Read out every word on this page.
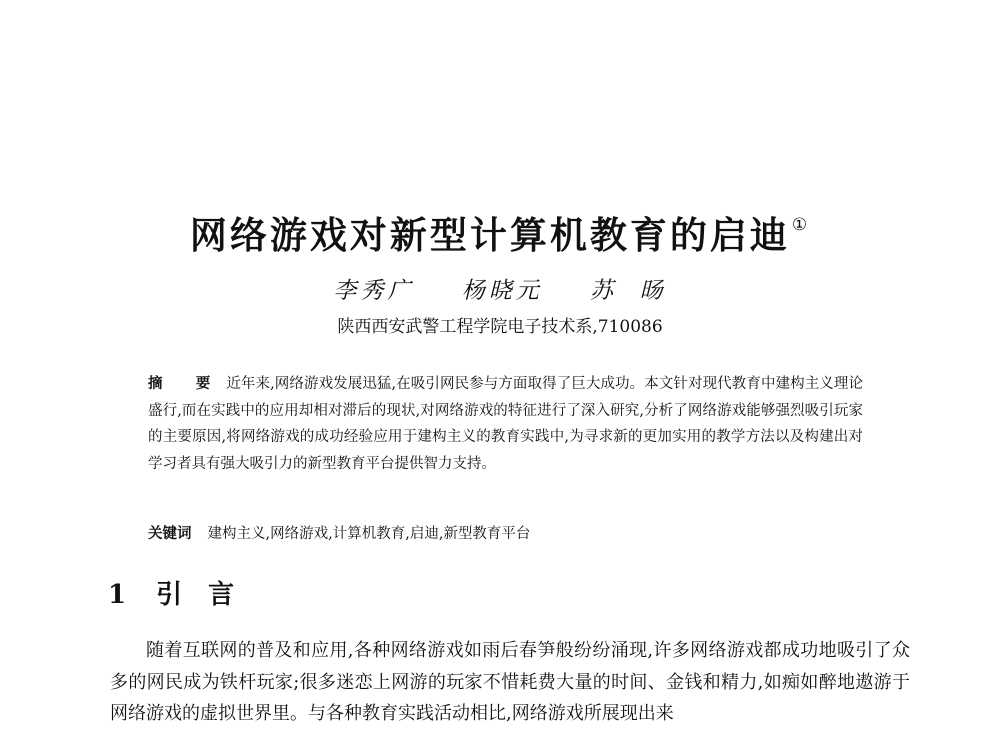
网络游戏对新型计算机教育的启迪 ①
李秀广 杨晓元 苏  旸
陕西西安武警工程学院电子技术系,710086
摘 要 近年来,网络游戏发展迅猛,在吸引网民参与方面取得了巨大成功。本文针对现代教育中建构主义理论盛行,而在实践中的应用却相对滞后的现状,对网络游戏的特征进行了深入研究,分析了网络游戏能够强烈吸引玩家的主要原因,将网络游戏的成功经验应用于建构主义的教育实践中,为寻求新的更加实用的教学方法以及构建出对学习者具有强大吸引力的新型教育平台提供智力支持。
关键词 建构主义,网络游戏,计算机教育,启迪,新型教育平台
1 引言
随着互联网的普及和应用,各种网络游戏如雨后春笋般纷纷涌现,许多网络游戏都成功地吸引了众多的网民成为铁杆玩家;很多迷恋上网游的玩家不惜耗费大量的时间、金钱和精力,如痴如醉地遨游于网络游戏的虚拟世界里。与各种教育实践活动相比,网络游戏所展现出来
